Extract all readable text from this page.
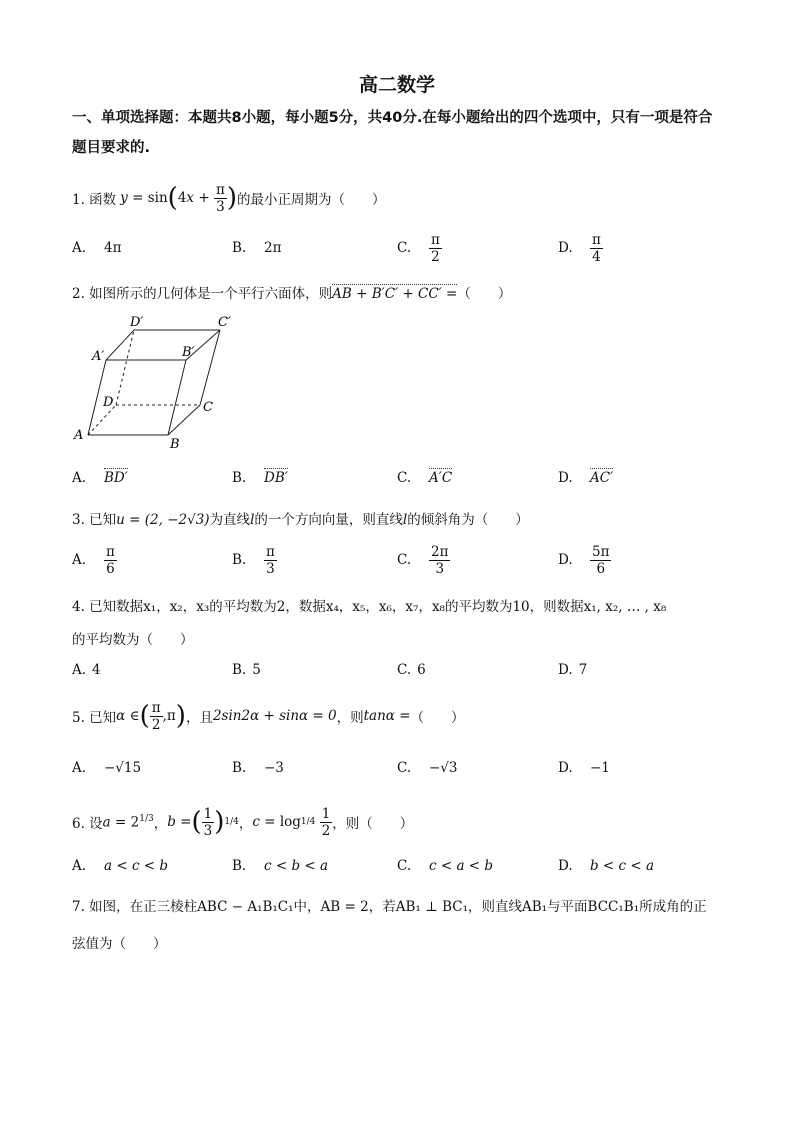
高二数学
一、单项选择题：本题共8小题，每小题5分，共40分.在每小题给出的四个选项中，只有一项是符合题目要求的.
1. 函数 y = sin ( 4 $x + \frac{\pi}{3}$ ) 的最小正周期为（　　）
A.	4π	B.	2π	C.	$\frac{\pi}{2}$	D.	$\frac{\pi}{4}$
2. 如图所示的几何体是一个平行六面体，则AB + B′C′ + CC′ =（　　）
D′	C′
A′	B′
D	C
A
B
A.	BD′	B.	DB′	C.	A′C	D.	AC′
3. 已知u = (2, −2√3)为直线l的一个方向向量，则直线l的倾斜角为（　　）
A.	$\frac{\pi}{6}$	B.	$\frac{\pi}{3}$	C.	$\frac{2\pi}{3}$	D.	$\frac{5\pi}{6}$
4. 已知数据x₁，x₂，x₃的平均数为2，数据x₄，x₅，x₆，x₇，x₈的平均数为10，则数据x₁, x₂, … , x₈
的平均数为（　　）
A. 4	B. 5	C. 6	D. 7
5. 已知 α ∈ ( $\frac{\pi}{2} ,\pi$ ) ，且 2sin2α + sinα = 0 ，则 tanα = （　　）
A.	−√15	B.	−3	C.	−√3	D.	−1
6. 设 $a = 2^{1/3}$ ， b = ( $\frac{1}{3}$ ) 1/4 ， c = log 1/4
$\frac{1}{2}$ ，则（　　）
A.	a < c < b	B.	c < b < a	C.	c < a < b	D.	b < c < a
7. 如图，在正三棱柱ABC − A₁B₁C₁中，AB = 2，若AB₁ ⊥ BC₁，则直线AB₁与平面BCC₁B₁所成角的正
弦值为（　　）
